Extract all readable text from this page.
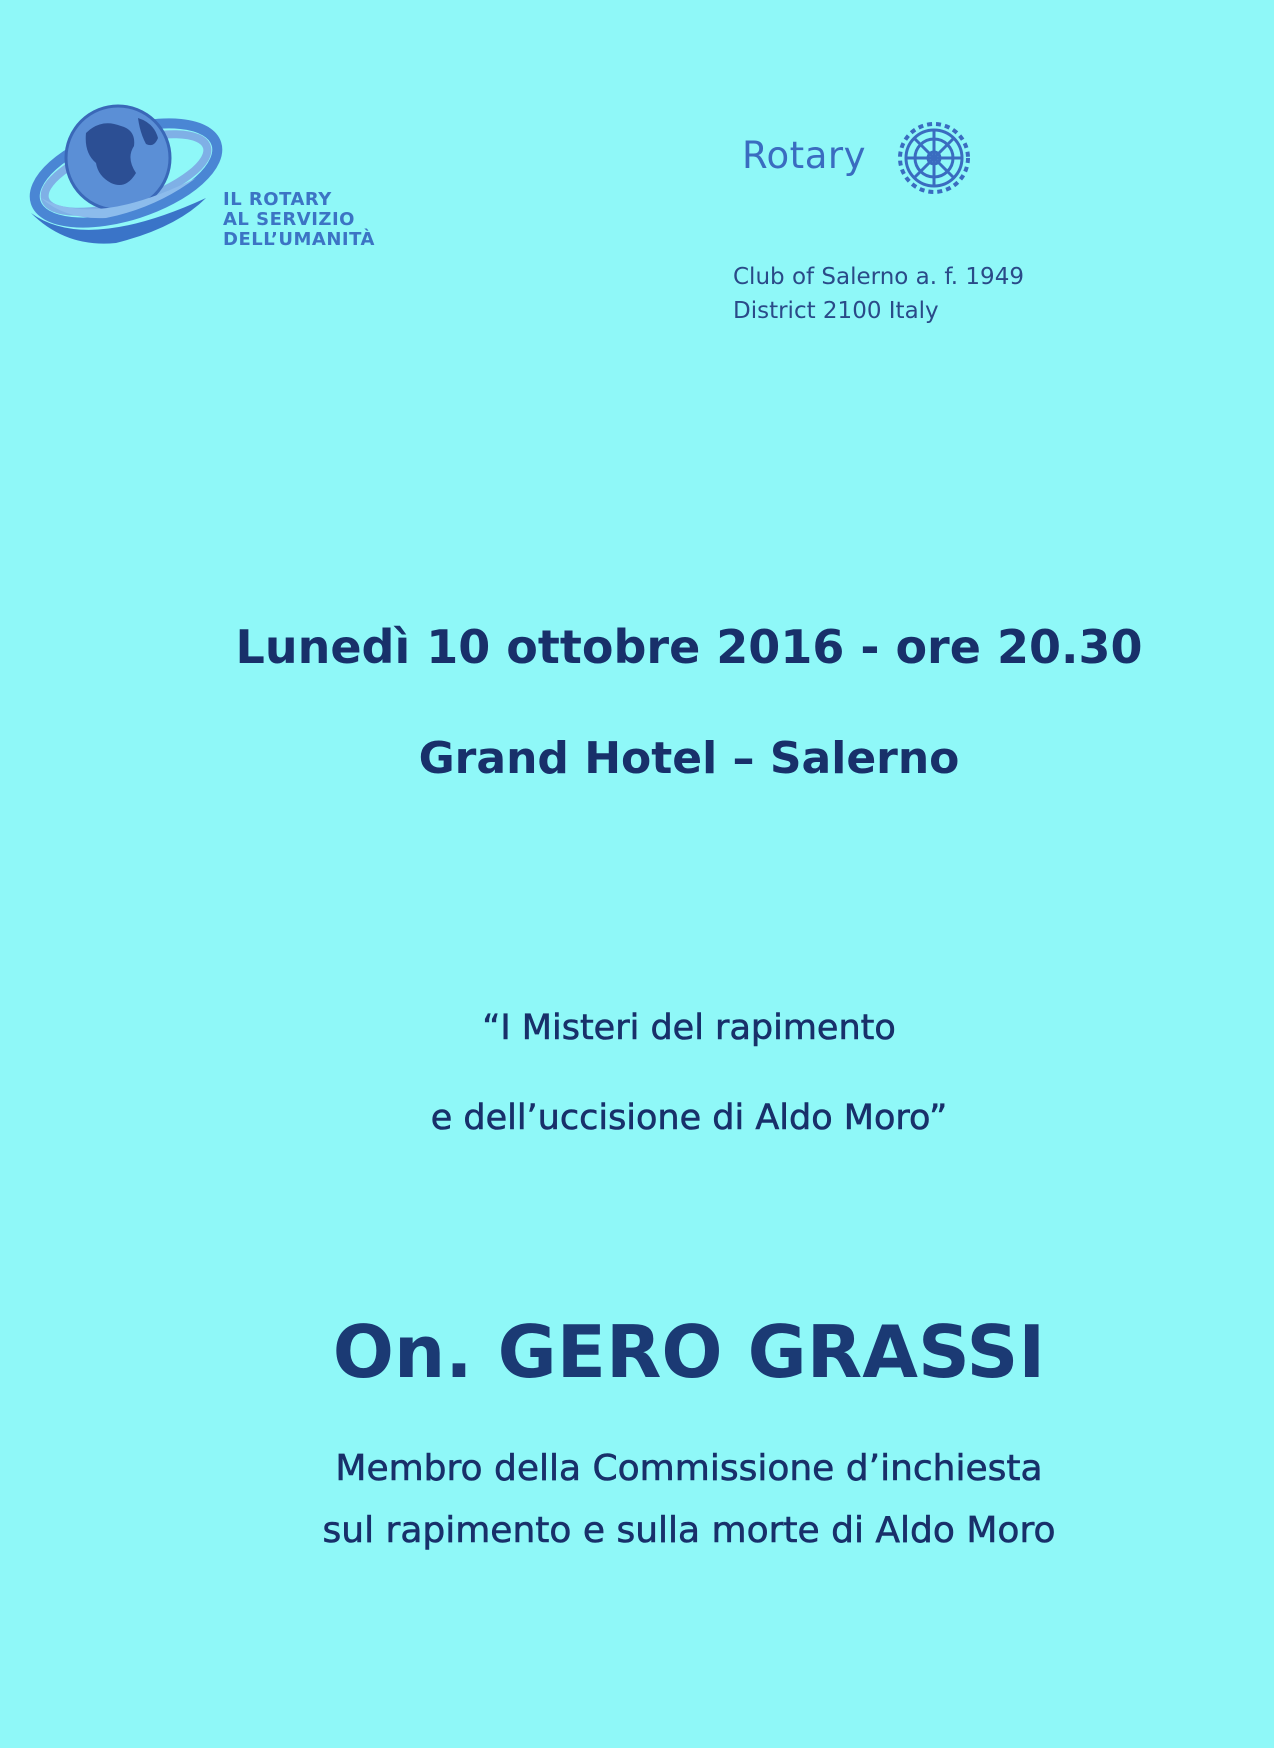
IL ROTARY
AL SERVIZIO
DELL’UMANITÀ
Rotary
Club of Salerno a. f. 1949
District 2100 Italy
Lunedì 10 ottobre 2016 - ore 20.30
Grand Hotel – Salerno
“I Misteri del rapimento
e dell’uccisione di Aldo Moro”
On. GERO GRASSI
Membro della Commissione d’inchiesta
sul rapimento e sulla morte di Aldo Moro
